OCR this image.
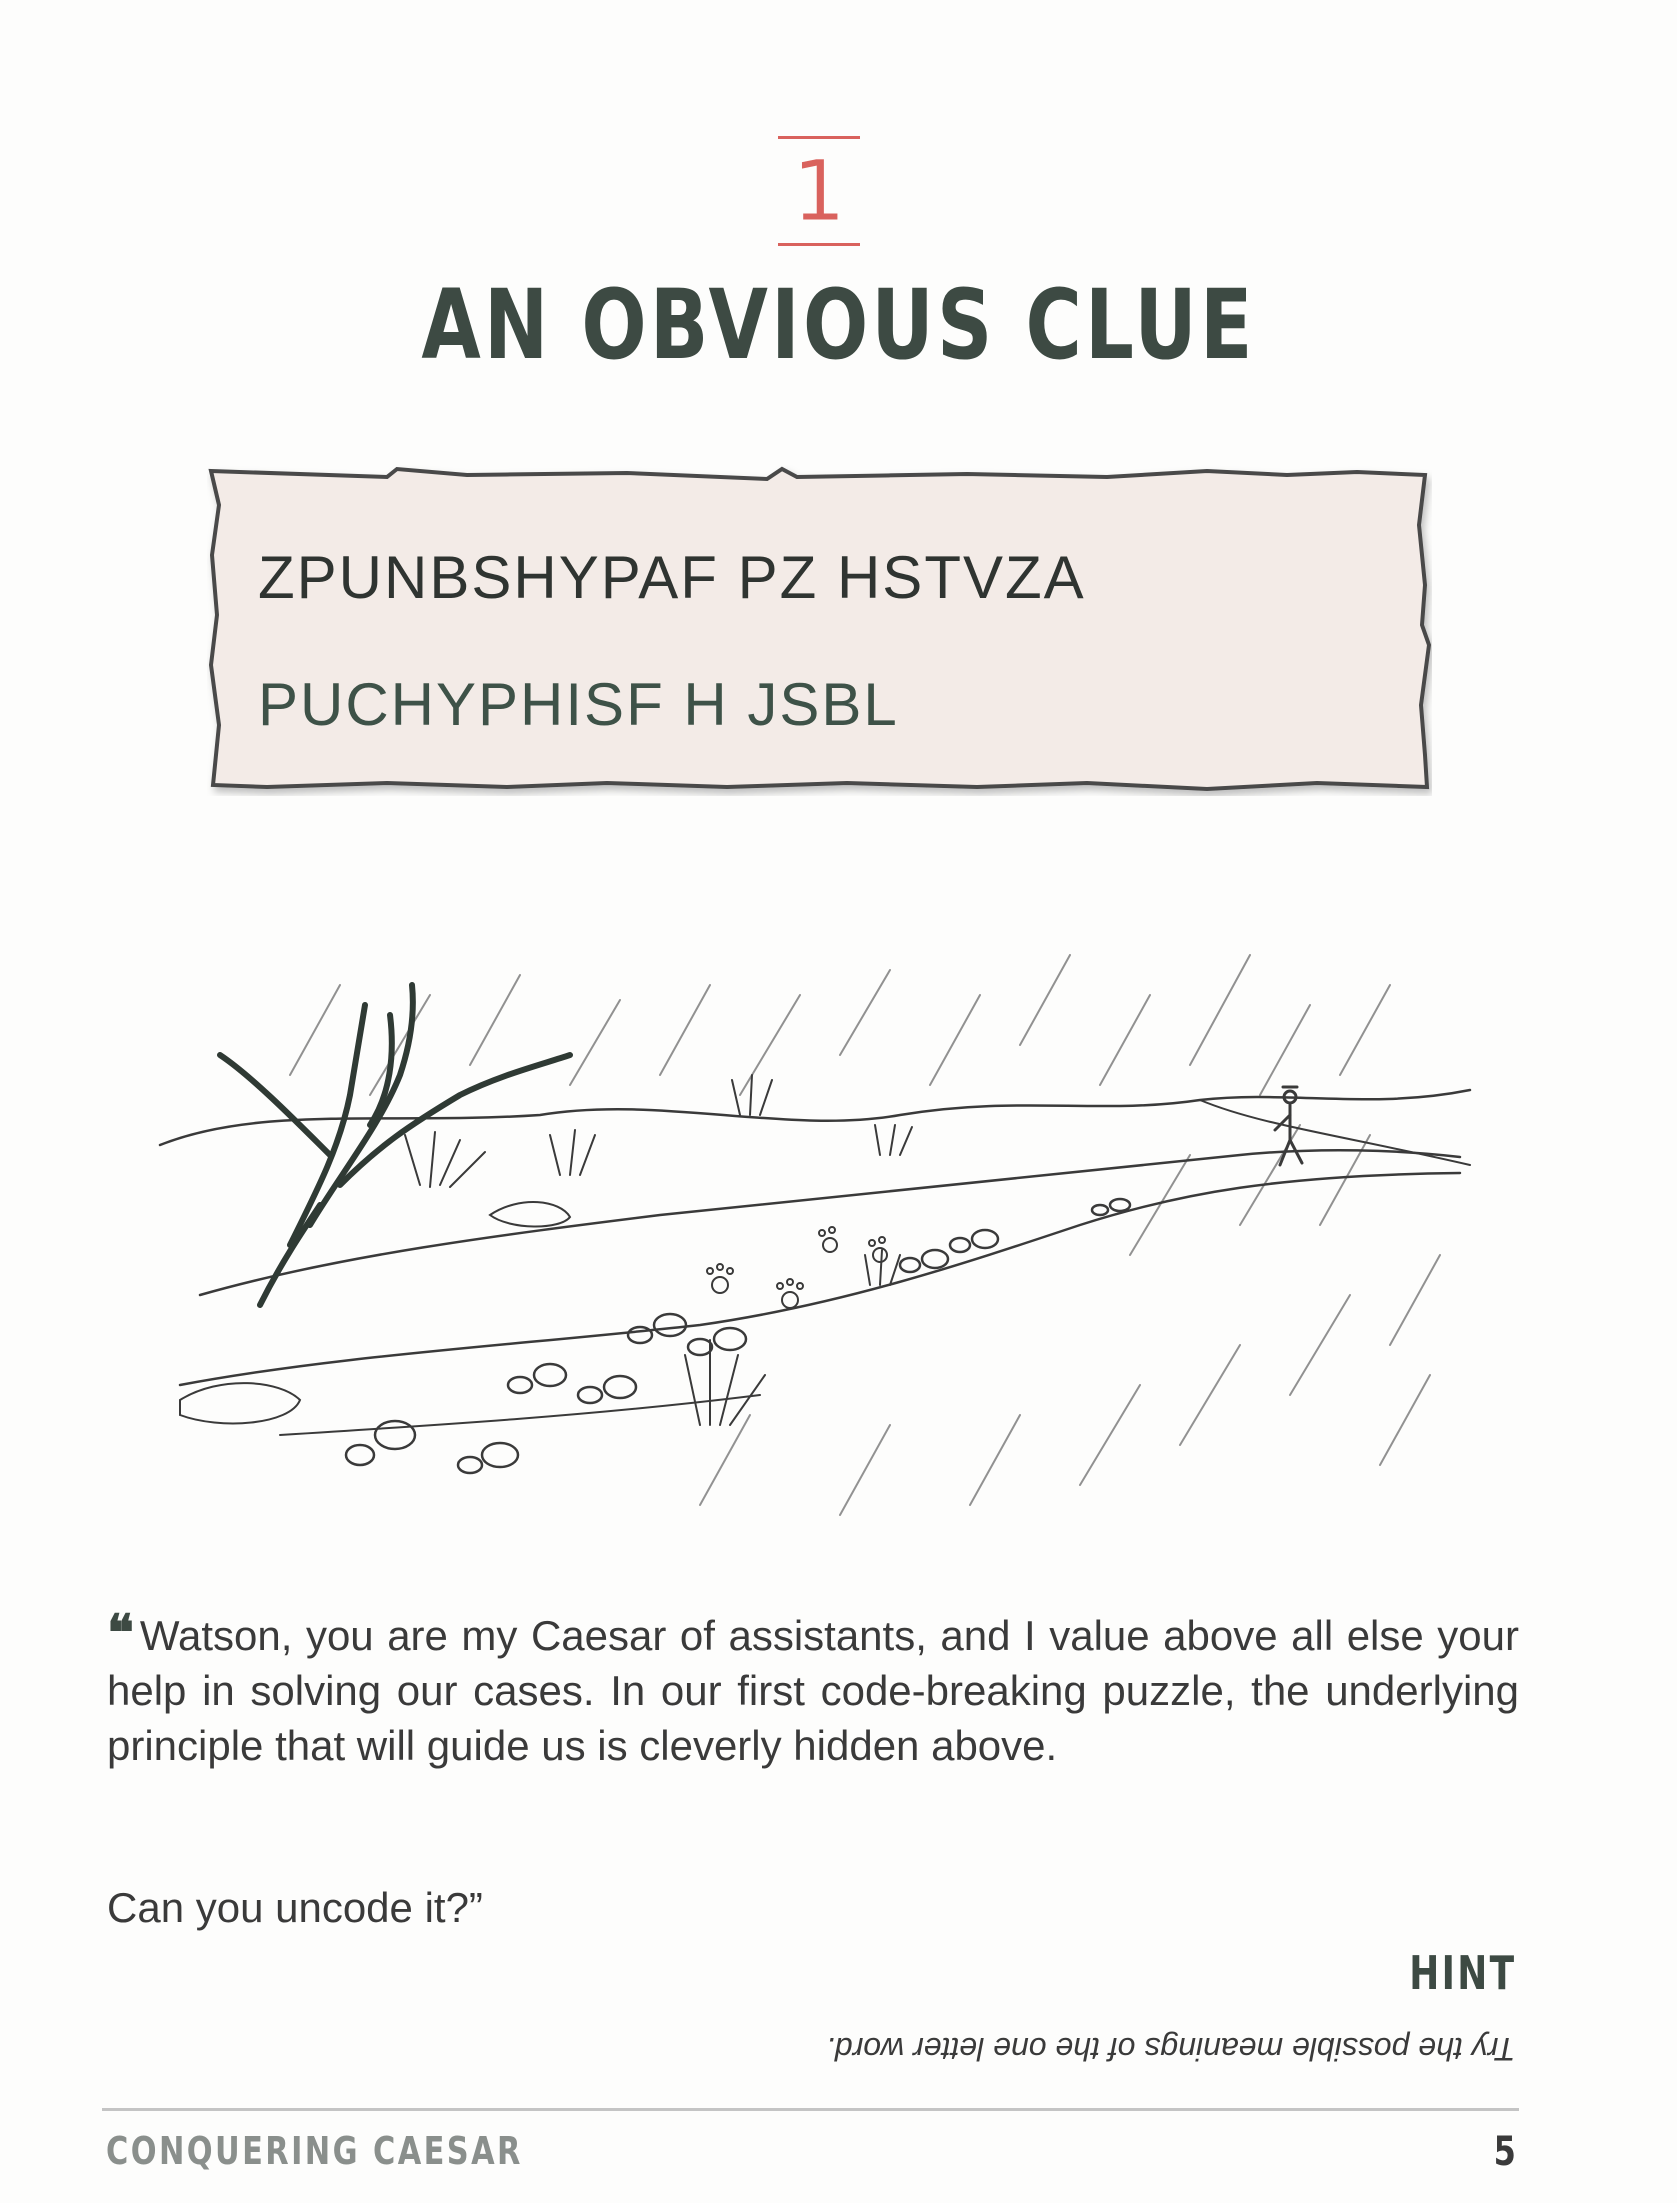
1
AN OBVIOUS CLUE
ZPUNBSHYPAF PZ HSTVZA
PUCHYPHISF H JSBL
❝ Watson, you are my Caesar of assistants, and I value above all else your help in solving our cases. In our first code-breaking puzzle, the underlying principle that will guide us is cleverly hidden above.
Can you uncode it?”
HINT
Try the possible meanings of the one letter word.
CONQUERING CAESAR	5
